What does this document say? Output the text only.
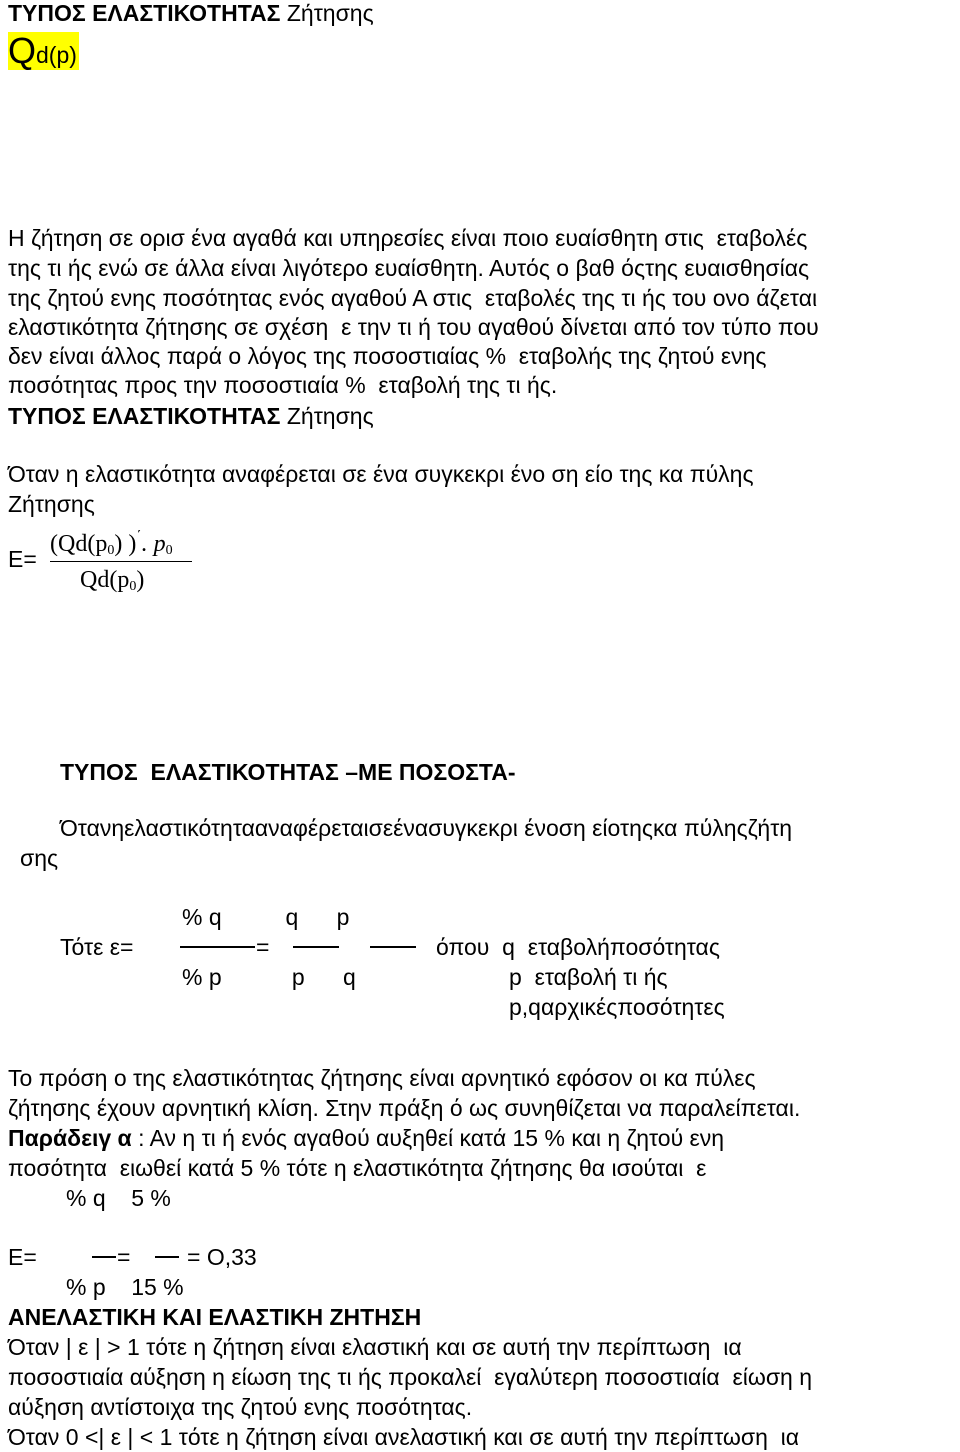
ΤΥΠΟΣ ΕΛΑΣΤΙΚΟΤΗΤΑΣ Ζήτησης
Qd(p)
Η ζήτηση σε ορισ ένα αγαθά και υπηρεσίες είναι ποιο ευαίσθητη στις  εταβολές
της τι ής ενώ σε άλλα είναι λιγότερο ευαίσθητη. Αυτός ο βαθ όςτης ευαισθησίας
της ζητού ενης ποσότητας ενός αγαθού Α στις  εταβολές της τι ής του ονο άζεται
ελαστικότητα ζήτησης σε σχέση  ε την τι ή του αγαθού δίνεται από τον τύπο που
δεν είναι άλλος παρά ο λόγος της ποσοστιαίας %  εταβολής της ζητού ενης
ποσότητας προς την ποσοστιαία %  εταβολή της τι ής.
ΤΥΠΟΣ ΕΛΑΣΤΙΚΟΤΗΤΑΣ Ζήτησης
Όταν η ελαστικότητα αναφέρεται σε ένα συγκεκρι ένο ση είο της κα πύλης
Ζήτησης
Ε=
($Qd(p_0)$ )΄. $p_0$
$Qd(p_0)$
ΤΥΠΟΣ  ΕΛΑΣΤΙΚΟΤΗΤΑΣ –ΜΕ ΠΟΣΟΣΤΑ-
Ότανηελαστικότητααναφέρεταισεένασυγκεκρι ένοση είοτηςκα πύληςζήτη
σης
% q          q      p
Τότε ε=	=	όπου  q  εταβολήποσότητας
% p           p      q	p  εταβολή τι ής
p,qαρχικέςποσότητες
Το πρόση ο της ελαστικότητας ζήτησης είναι αρνητικό εφόσον οι κα πύλες
ζήτησης έχουν αρνητική κλίση. Στην πράξη ό ως συνηθίζεται να παραλείπεται.
Παράδειγ α : Αν η τι ή ενός αγαθού αυξηθεί κατά 15 % και η ζητού ενη
ποσότητα  ειωθεί κατά 5 % τότε η ελαστικότητα ζήτησης θα ισούται  ε
% q    5 %
Ε=	= = Ο,33
% p    15 %
ΑΝΕΛΑΣΤΙΚΗ ΚΑΙ ΕΛΑΣΤΙΚΗ ΖΗΤΗΣΗ
Όταν | ε | > 1 τότε η ζήτηση είναι ελαστική και σε αυτή την περίπτωση  ια
ποσοστιαία αύξηση η είωση της τι ής προκαλεί  εγαλύτερη ποσοστιαία  είωση η
αύξηση αντίστοιχα της ζητού ενης ποσότητας.
Όταν 0 <| ε | < 1 τότε η ζήτηση είναι ανελαστική και σε αυτή την περίπτωση  ια
